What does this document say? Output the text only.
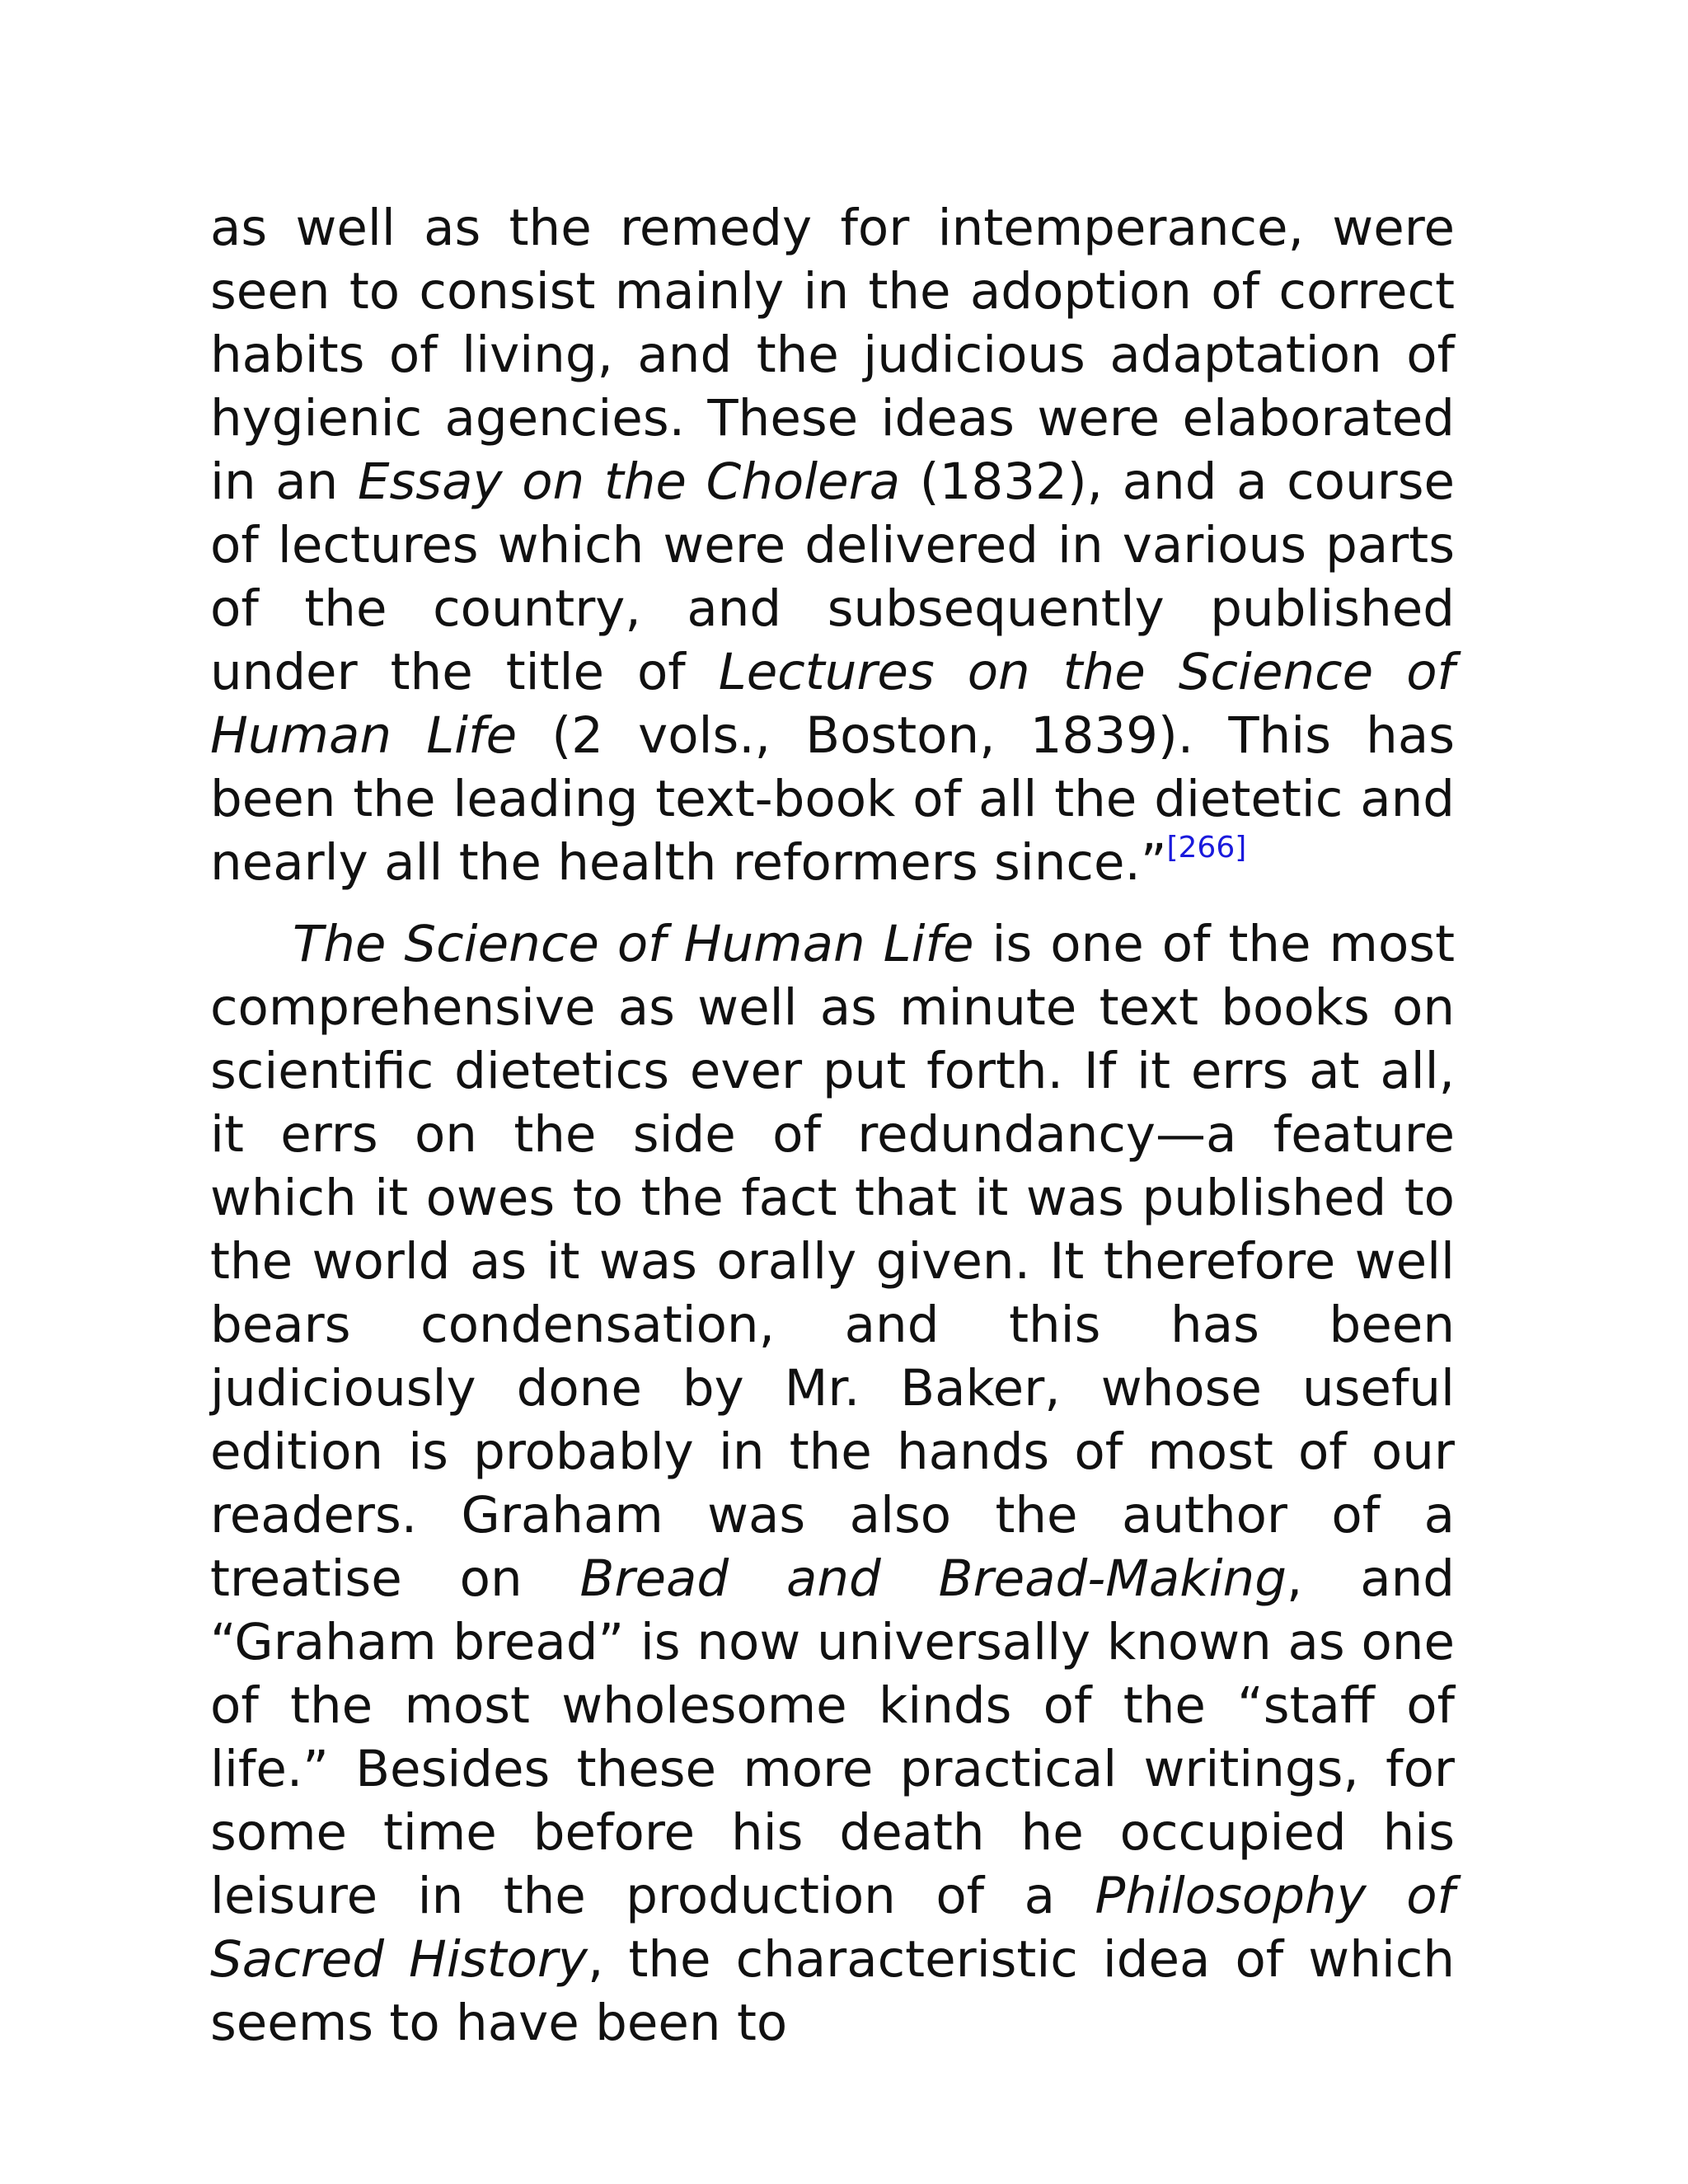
as well as the remedy for intemperance, were seen to consist mainly in the adoption of correct habits of living, and the judicious adaptation of hygienic agencies. These ideas were elaborated in an Essay on the Cholera (1832), and a course of lectures which were delivered in various parts of the country, and subsequently published under the title of Lectures on the Science of Human Life (2 vols., Boston, 1839). This has been the leading text-book of all the dietetic and nearly all the health reformers since.”[266]

The Science of Human Life is one of the most comprehensive as well as minute text books on scientific dietetics ever put forth. If it errs at all, it errs on the side of redundancy—a feature which it owes to the fact that it was published to the world as it was orally given. It therefore well bears condensation, and this has been judiciously done by Mr. Baker, whose useful edition is probably in the hands of most of our readers. Graham was also the author of a treatise on Bread and Bread-Making, and “Graham bread” is now universally known as one of the most wholesome kinds of the “staff of life.” Besides these more practical writings, for some time before his death he occupied his leisure in the production of a Philosophy of Sacred History, the characteristic idea of which seems to have been to
